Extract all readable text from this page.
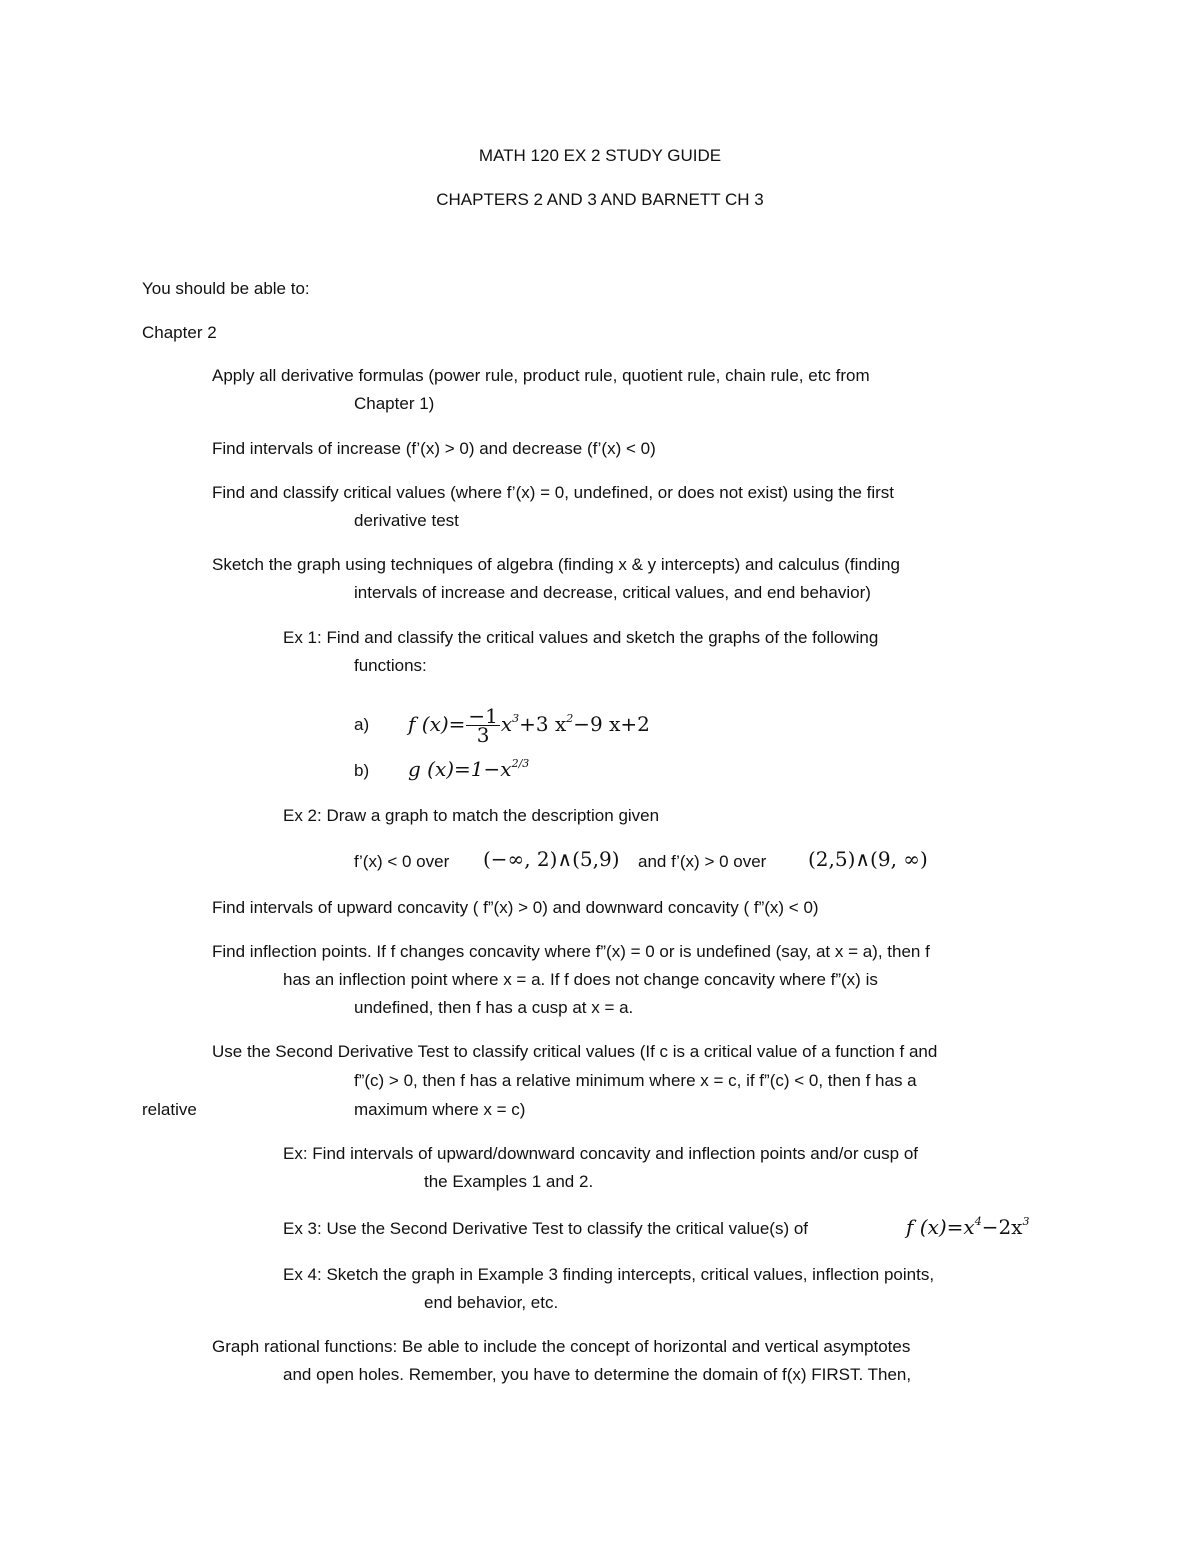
MATH 120 EX 2 STUDY GUIDE
CHAPTERS 2 AND 3 AND BARNETT CH 3
You should be able to:
Chapter 2
Apply all derivative formulas (power rule, product rule, quotient rule, chain rule, etc from
Chapter 1)
Find intervals of increase (f’(x) > 0) and decrease (f’(x) < 0)
Find and classify critical values (where f’(x) = 0, undefined, or does not exist) using the first
derivative test
Sketch the graph using techniques of algebra (finding x & y intercepts) and calculus (finding
intervals of increase and decrease, critical values, and end behavior)
Ex 1: Find and classify the critical values and sketch the graphs of the following
functions:
a) f $(x)= \frac{-1}{3} x^3+3$ $x^2-9$ x+2
b) g $(x)=1-x^{2/3}$
Ex 2: Draw a graph to match the description given
f’(x) < 0 over (−∞, 2)∧(5,9) and f’(x) > 0 over (2,5)∧(9, ∞)
Find intervals of upward concavity ( f”(x) > 0) and downward concavity ( f”(x) < 0)
Find inflection points. If f changes concavity where f”(x) = 0 or is undefined (say, at x = a), then f
has an inflection point where x = a. If f does not change concavity where f”(x) is
undefined, then f has a cusp at x = a.
Use the Second Derivative Test to classify critical values (If c is a critical value of a function f and
f”(c) > 0, then f has a relative minimum where x = c, if f”(c) < 0, then f has a
relative	maximum where x = c)
Ex: Find intervals of upward/downward concavity and inflection points and/or cusp of
the Examples 1 and 2.
Ex 3: Use the Second Derivative Test to classify the critical value(s) of	f $(x)=x^4-2x^3$
Ex 4: Sketch the graph in Example 3 finding intercepts, critical values, inflection points,
end behavior, etc.
Graph rational functions: Be able to include the concept of horizontal and vertical asymptotes
and open holes. Remember, you have to determine the domain of f(x) FIRST. Then,
